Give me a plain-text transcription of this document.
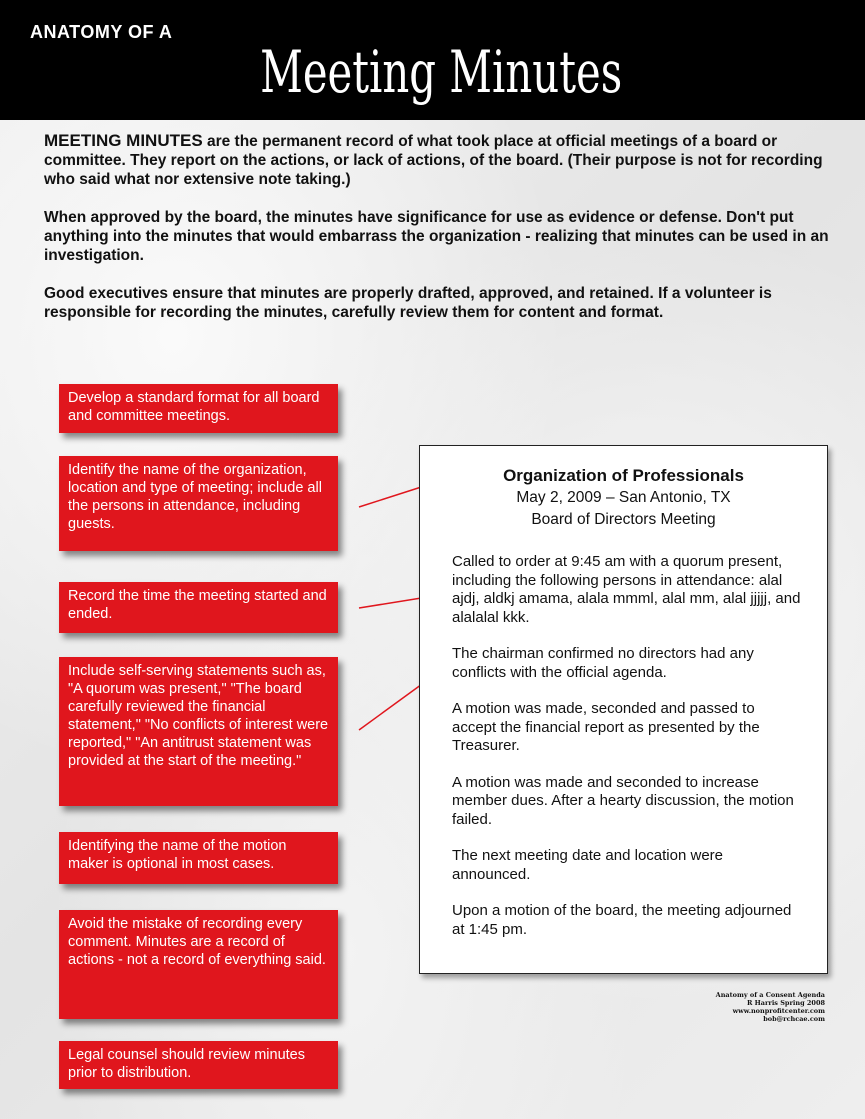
ANATOMY OF A
Meeting Minutes

MEETING MINUTES are the permanent record of what took place at official meetings of a board or committee. They report on the actions, or lack of actions, of the board. (Their purpose is not for recording who said what nor extensive note taking.)

When approved by the board, the minutes have significance for use as evidence or defense. Don't put anything into the minutes that would embarrass the organization - realizing that minutes can be used in an investigation.

Good executives ensure that minutes are properly drafted, approved, and retained. If a volunteer is responsible for recording the minutes, carefully review them for content and format.

Develop a standard format for all board and committee meetings.
Identify the name of the organization, location and type of meeting; include all the persons in attendance, including guests.
Record the time the meeting started and ended.
Include self-serving statements such as, "A quorum was present," "The board carefully reviewed the financial statement," "No conflicts of interest were reported," "An antitrust statement was provided at the start of the meeting."
Identifying the name of the motion maker is optional in most cases.
Avoid the mistake of recording every comment. Minutes are a record of actions - not a record of everything said.
Legal counsel should review minutes prior to distribution.
Organization of Professionals
May 2, 2009 – San Antonio, TX
Board of Directors Meeting

Called to order at 9:45 am with a quorum present, including the following persons in attendance: alal ajdj, aldkj amama, alala mmml, alal mm, alal jjjjj, and alalalal kkk.

The chairman confirmed no directors had any conflicts with the official agenda.

A motion was made, seconded and passed to accept the financial report as presented by the Treasurer.

A motion was made and seconded to increase member dues. After a hearty discussion, the motion failed.

The next meeting date and location were announced.

Upon a motion of the board, the meeting adjourned at 1:45 pm.

Anatomy of a Consent Agenda
R Harris Spring 2008
www.nonprofitcenter.com
bob@rchcae.com
